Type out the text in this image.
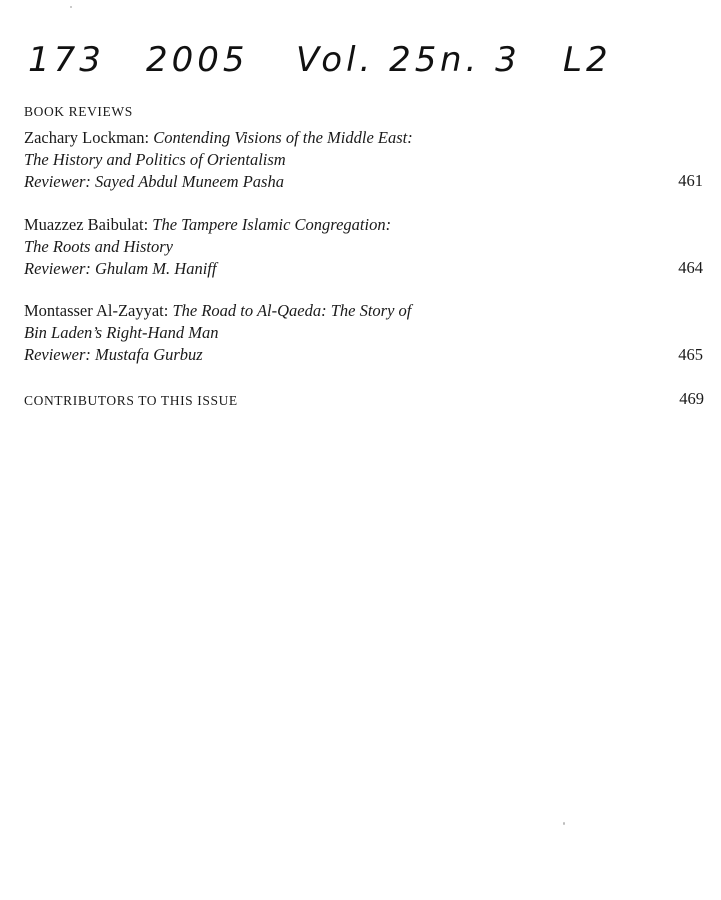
173 2005 Vol. 25 n. 3 L2
BOOK REVIEWS
Zachary Lockman: Contending Visions of the Middle East:
The History and Politics of Orientalism
Reviewer: Sayed Abdul Muneem Pasha	461
Muazzez Baibulat: The Tampere Islamic Congregation:
The Roots and History
Reviewer: Ghulam M. Haniff	464
Montasser Al-Zayyat: The Road to Al-Qaeda: The Story of
Bin Laden’s Right-Hand Man
Reviewer: Mustafa Gurbuz	465
CONTRIBUTORS TO THIS ISSUE	469
